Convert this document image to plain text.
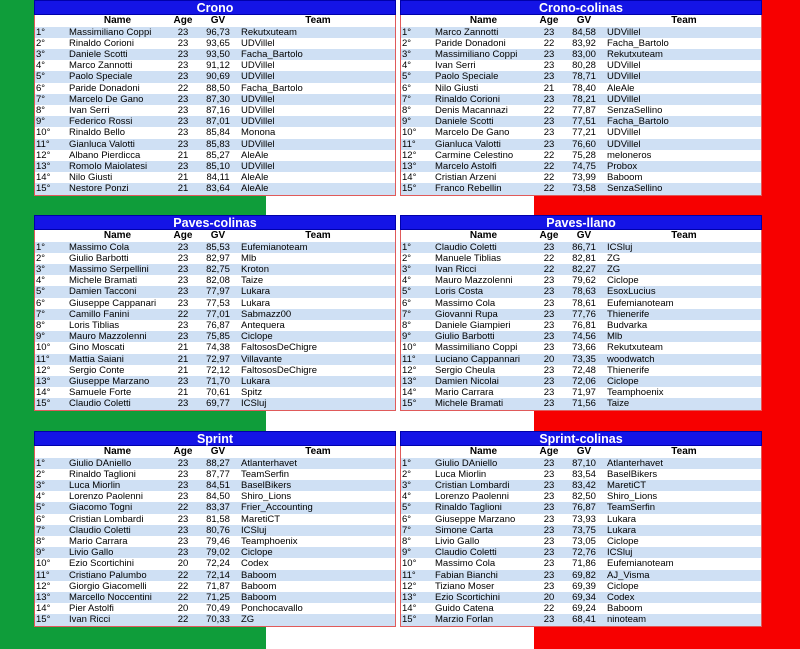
Crono
	Name	Age	GV	Team
1°	Massimiliano Coppi	23	96,73	Rekutxuteam
2°	Rinaldo Corioni	23	93,65	UDVillel
3°	Daniele Scotti	23	93,50	Facha_Bartolo
4°	Marco Zannotti	23	91,12	UDVillel
5°	Paolo Speciale	23	90,69	UDVillel
6°	Paride Donadoni	22	88,50	Facha_Bartolo
7°	Marcelo De Gano	23	87,30	UDVillel
8°	Ivan Serri	23	87,16	UDVillel
9°	Federico Rossi	23	87,01	UDVillel
10°	Rinaldo Bello	23	85,84	Monona
11°	Gianluca Valotti	23	85,83	UDVillel
12°	Albano Pierdicca	21	85,27	AleAle
13°	Romolo Maiolatesi	23	85,10	UDVillel
14°	Nilo Giusti	21	84,11	AleAle
15°	Nestore Ponzi	21	83,64	AleAle
Crono-colinas
	Name	Age	GV	Team
1°	Marco Zannotti	23	84,58	UDVillel
2°	Paride Donadoni	22	83,92	Facha_Bartolo
3°	Massimiliano Coppi	23	83,00	Rekutxuteam
4°	Ivan Serri	23	80,28	UDVillel
5°	Paolo Speciale	23	78,71	UDVillel
6°	Nilo Giusti	21	78,40	AleAle
7°	Rinaldo Corioni	23	78,21	UDVillel
8°	Denis Macannazi	22	77,87	SenzaSellino
9°	Daniele Scotti	23	77,51	Facha_Bartolo
10°	Marcelo De Gano	23	77,21	UDVillel
11°	Gianluca Valotti	23	76,60	UDVillel
12°	Carmine Celestino	22	75,28	meloneros
13°	Marcelo Astolfi	22	74,75	Probox
14°	Cristian Arzeni	22	73,99	Baboom
15°	Franco Rebellin	22	73,58	SenzaSellino
Paves-colinas
	Name	Age	GV	Team
1°	Massimo Cola	23	85,53	Eufemianoteam
2°	Giulio Barbotti	23	82,97	Mlb
3°	Massimo Serpellini	23	82,75	Kroton
4°	Michele Bramati	23	82,08	Taize
5°	Damien Tacconi	23	77,97	Lukara
6°	Giuseppe Cappanari	23	77,53	Lukara
7°	Camillo Fanini	22	77,01	Sabmazz00
8°	Loris Tiblias	23	76,87	Antequera
9°	Mauro Mazzolenni	23	75,85	Ciclope
10°	Gino Moscati	21	74,38	FaltososDeChigre
11°	Mattia Saiani	21	72,97	Villavante
12°	Sergio Conte	21	72,12	FaltososDeChigre
13°	Giuseppe Marzano	23	71,70	Lukara
14°	Samuele Forte	21	70,61	Spitz
15°	Claudio Coletti	23	69,77	ICSluj
Paves-llano
	Name	Age	GV	Team
1°	Claudio Coletti	23	86,71	ICSluj
2°	Manuele Tiblias	22	82,81	ZG
3°	Ivan Ricci	22	82,27	ZG
4°	Mauro Mazzolenni	23	79,62	Ciclope
5°	Loris Costa	23	78,63	EsoxLucius
6°	Massimo Cola	23	78,61	Eufemianoteam
7°	Giovanni Rupa	23	77,76	Thienerife
8°	Daniele Giampieri	23	76,81	Budvarka
9°	Giulio Barbotti	23	74,56	Mlb
10°	Massimiliano Coppi	23	73,66	Rekutxuteam
11°	Luciano Cappannari	20	73,35	woodwatch
12°	Sergio Cheula	23	72,48	Thienerife
13°	Damien Nicolai	23	72,06	Ciclope
14°	Mario Carrara	23	71,97	Teamphoenix
15°	Michele Bramati	23	71,56	Taize
Sprint
	Name	Age	GV	Team
1°	Giulio DAniello	23	88,27	Atlanterhavet
2°	Rinaldo Taglioni	23	87,77	TeamSerfin
3°	Luca Miorlin	23	84,51	BaselBikers
4°	Lorenzo Paolenni	23	84,50	Shiro_Lions
5°	Giacomo Togni	22	83,37	Frier_Accounting
6°	Cristian Lombardi	23	81,58	MaretiCT
7°	Claudio Coletti	23	80,76	ICSluj
8°	Mario Carrara	23	79,46	Teamphoenix
9°	Livio Gallo	23	79,02	Ciclope
10°	Ezio Scortichini	20	72,24	Codex
11°	Cristiano Palumbo	22	72,14	Baboom
12°	Giorgio Giacomelli	22	71,87	Baboom
13°	Marcello Noccentini	22	71,25	Baboom
14°	Pier Astolfi	20	70,49	Ponchocavallo
15°	Ivan Ricci	22	70,33	ZG
Sprint-colinas
	Name	Age	GV	Team
1°	Giulio DAniello	23	87,10	Atlanterhavet
2°	Luca Miorlin	23	83,54	BaselBikers
3°	Cristian Lombardi	23	83,42	MaretiCT
4°	Lorenzo Paolenni	23	82,50	Shiro_Lions
5°	Rinaldo Taglioni	23	76,87	TeamSerfin
6°	Giuseppe Marzano	23	73,93	Lukara
7°	Simone Carta	23	73,75	Lukara
8°	Livio Gallo	23	73,05	Ciclope
9°	Claudio Coletti	23	72,76	ICSluj
10°	Massimo Cola	23	71,86	Eufemianoteam
11°	Fabian Bianchi	23	69,82	AJ_Visma
12°	Tiziano Moser	23	69,39	Ciclope
13°	Ezio Scortichini	20	69,34	Codex
14°	Guido Catena	22	69,24	Baboom
15°	Marzio Forlan	23	68,41	ninoteam
